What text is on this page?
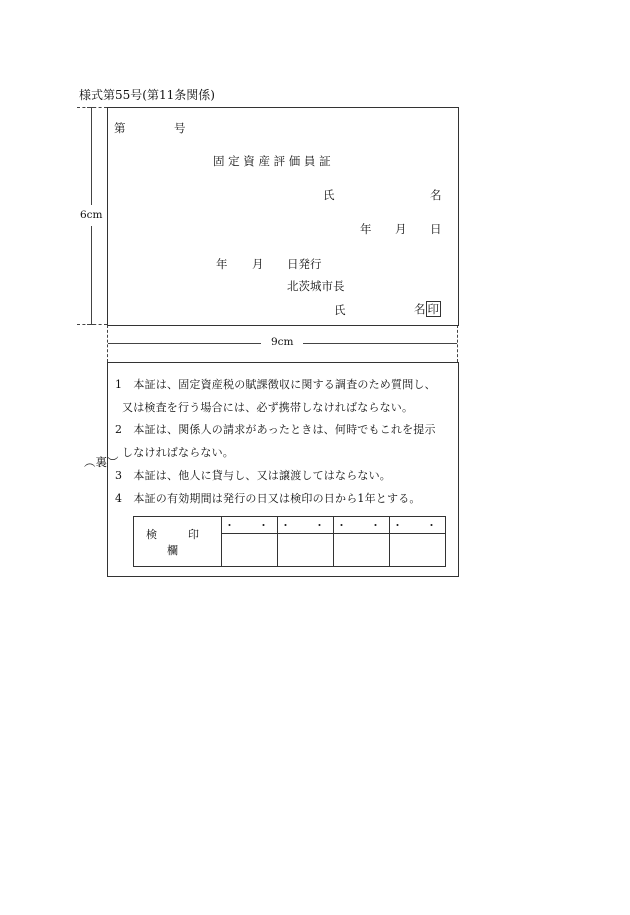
様式第55号(第11条関係)
6cm
9cm
第	号
固 定 資 産 評 価 員 証
氏	名
年 月 日
年 月 日発行
北茨城市長
氏	名 印
︵裏︶
1　本証は、固定資産税の賦課徴収に関する調査のため質問し、
又は検査を行う場合には、必ず携帯しなければならない。
2　本証は、関係人の請求があったときは、何時でもこれを提示
しなければならない。
3　本証は、他人に貸与し、又は譲渡してはならない。
4　本証の有効期間は発行の日又は検印の日から1年とする。
検　印　欄	・　・	・　・	・　・	・　・
